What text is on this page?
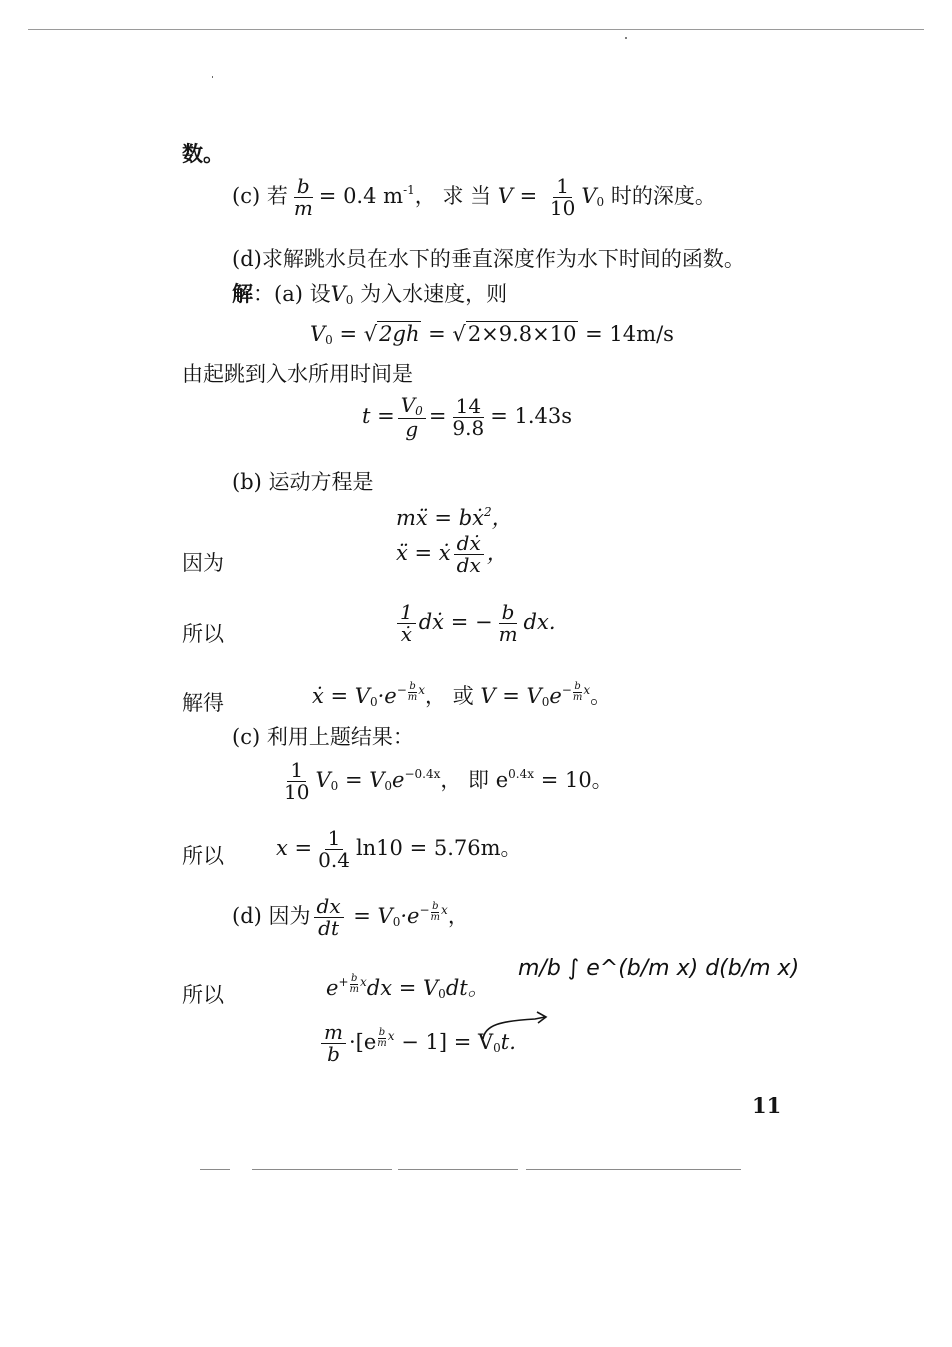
数。
(c) 若 $\frac{b}{m} = 0.4$ $m^{-1}$， 求 当 $V = \frac{1}{10} V_0$ 时的深度。
(d)求解跳水员在水下的垂直深度作为水下时间的函数。
解：(a) 设$V_0$ 为入水速度，则
$V_0 = √2gh = √2\times 9.8\times 10 = 14m/s$
由起跳到入水所用时间是
$t = \frac{V_0}{g} = \frac{14}{9.8} = 1.43s$
(b) 运动方程是
mẍ = bẋ$^2$，
因为	ẍ = ẋ $\frac{\text{dẋ}}{dx}$ ，
所以	$\frac{1}{\text{ẋ}}$ dẋ = − $\frac{b}{m}$ dx.
解得	ẋ = $V_0\cdot e^- \frac{b}{m} ^x$， 或 $V = V_0e^- \frac{b}{m} ^x$。
(c) 利用上题结果：
$\frac{1}{10} V_0 = V_0e^{-0.4x}$， 即 $e^{0.4x} = 10$。
所以 $x = \frac{1}{0.4} \ln 10 = 5.76m$。
(d) 因为 $\frac{dx}{dt} = V_0\cdot e^- \frac{b}{m} ^x$，
所以	$e^+ \frac{b}{m} ^xdx = V_0dt$。
m/b ∫ e^(b/m x) d(b/m x)
$\frac{m}{b} \cdot[e \frac{b}{m} ^x - 1] = V_0t$.
11
